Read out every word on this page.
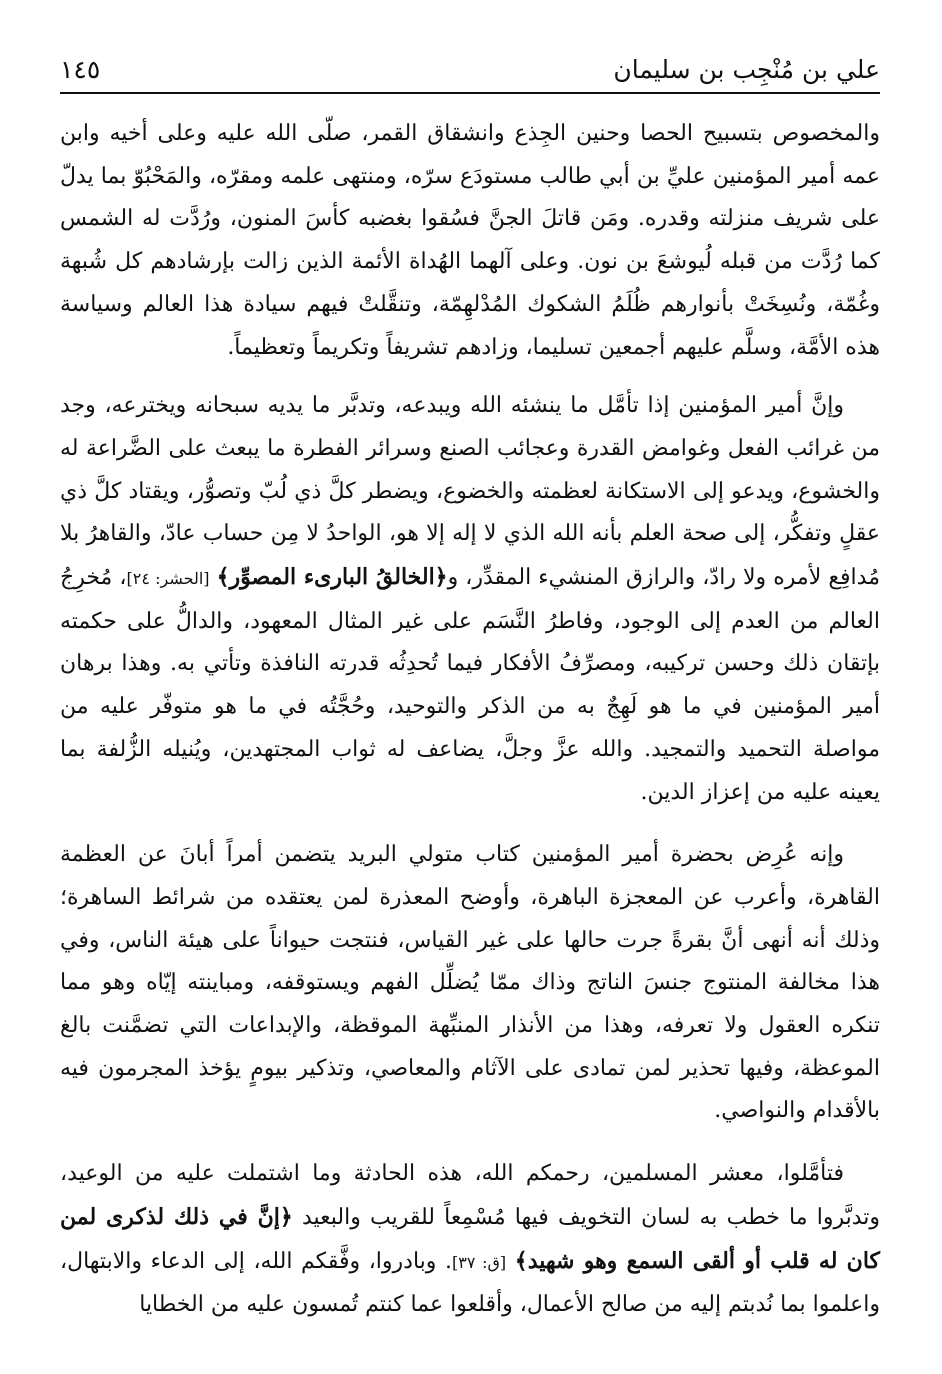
علي بن مُنْجِب بن سليمان
١٤٥

والمخصوص بتسبيح الحصا وحنين الجِذع وانشقاق القمر، صلّى الله عليه وعلى أخيه وابن عمه أمير المؤمنين عليِّ بن أبي طالب مستودَع سرّه، ومنتهى علمه ومقرّه، والمَحْبُوّ بما يدلّ على شريف منزلته وقدره. ومَن قاتلَ الجنَّ فسُقوا بغضبه كأسَ المنون، ورُدَّت له الشمس كما رُدَّت من قبله لُيوشعَ بن نون. وعلى آلهما الهُداة الأئمة الذين زالت بإرشادهم كل شُبهة وغُمّة، ونُسِخَتْ بأنوارهم ظُلَمُ الشكوك المُدْلهِمّة، وتنقَّلتْ فيهم سيادة هذا العالم وسياسة هذه الأمَّة، وسلَّم عليهم أجمعين تسليما، وزادهم تشريفاً وتكريماً وتعظيماً.

وإنَّ أمير المؤمنين إذا تأمَّل ما ينشئه الله ويبدعه، وتدبَّر ما يديه سبحانه ويخترعه، وجد من غرائب الفعل وغوامض القدرة وعجائب الصنع وسرائر الفطرة ما يبعث على الضَّراعة له والخشوع، ويدعو إلى الاستكانة لعظمته والخضوع، ويضطر كلَّ ذي لُبّ وتصوُّر، ويقتاد كلَّ ذي عقلٍ وتفكُّر، إلى صحة العلم بأنه الله الذي لا إله إلا هو، الواحدُ لا مِن حساب عادّ، والقاهرُ بلا مُدافِع لأمره ولا رادّ، والرازق المنشيء المقدِّر، و﴿الخالقُ البارىء المصوِّر﴾ [الحشر: ٢٤]، مُخرِجُ العالم من العدم إلى الوجود، وفاطرُ النَّسَم على غير المثال المعهود، والدالُّ على حكمته بإتقان ذلك وحسن تركيبه، ومصرِّفُ الأفكار فيما تُحدِثُه قدرته النافذة وتأتي به. وهذا برهان أمير المؤمنين في ما هو لَهِجٌ به من الذكر والتوحيد، وحُجَّتُه في ما هو متوفّر عليه من مواصلة التحميد والتمجيد. والله عزَّ وجلَّ، يضاعف له ثواب المجتهدين، ويُنيله الزُّلفة بما يعينه عليه من إعزاز الدين.

وإنه عُرِض بحضرة أمير المؤمنين كتاب متولي البريد يتضمن أمراً أبانَ عن العظمة القاهرة، وأعرب عن المعجزة الباهرة، وأوضح المعذرة لمن يعتقده من شرائط الساهرة؛ وذلك أنه أنهى أنَّ بقرةً جرت حالها على غير القياس، فنتجت حيواناً على هيئة الناس، وفي هذا مخالفة المنتوج جنسَ الناتج وذاك ممّا يُضلِّل الفهم ويستوقفه، ومباينته إيّاه وهو مما تنكره العقول ولا تعرفه، وهذا من الأنذار المنبِّهة الموقظة، والإبداعات التي تضمَّنت بالغ الموعظة، وفيها تحذير لمن تمادى على الآثام والمعاصي، وتذكير بيومٍ يؤخذ المجرمون فيه بالأقدام والنواصي.

فتأمَّلوا، معشر المسلمين، رحمكم الله، هذه الحادثة وما اشتملت عليه من الوعيد، وتدبَّروا ما خطب به لسان التخويف فيها مُسْمِعاً للقريب والبعيد ﴿إنَّ في ذلك لذكرى لمن كان له قلب أو ألقى السمع وهو شهيد﴾ [ق: ٣٧]. وبادروا، وفَّقكم الله، إلى الدعاء والابتهال، واعلموا بما نُدبتم إليه من صالح الأعمال، وأقلعوا عما كنتم تُمسون عليه من الخطايا
